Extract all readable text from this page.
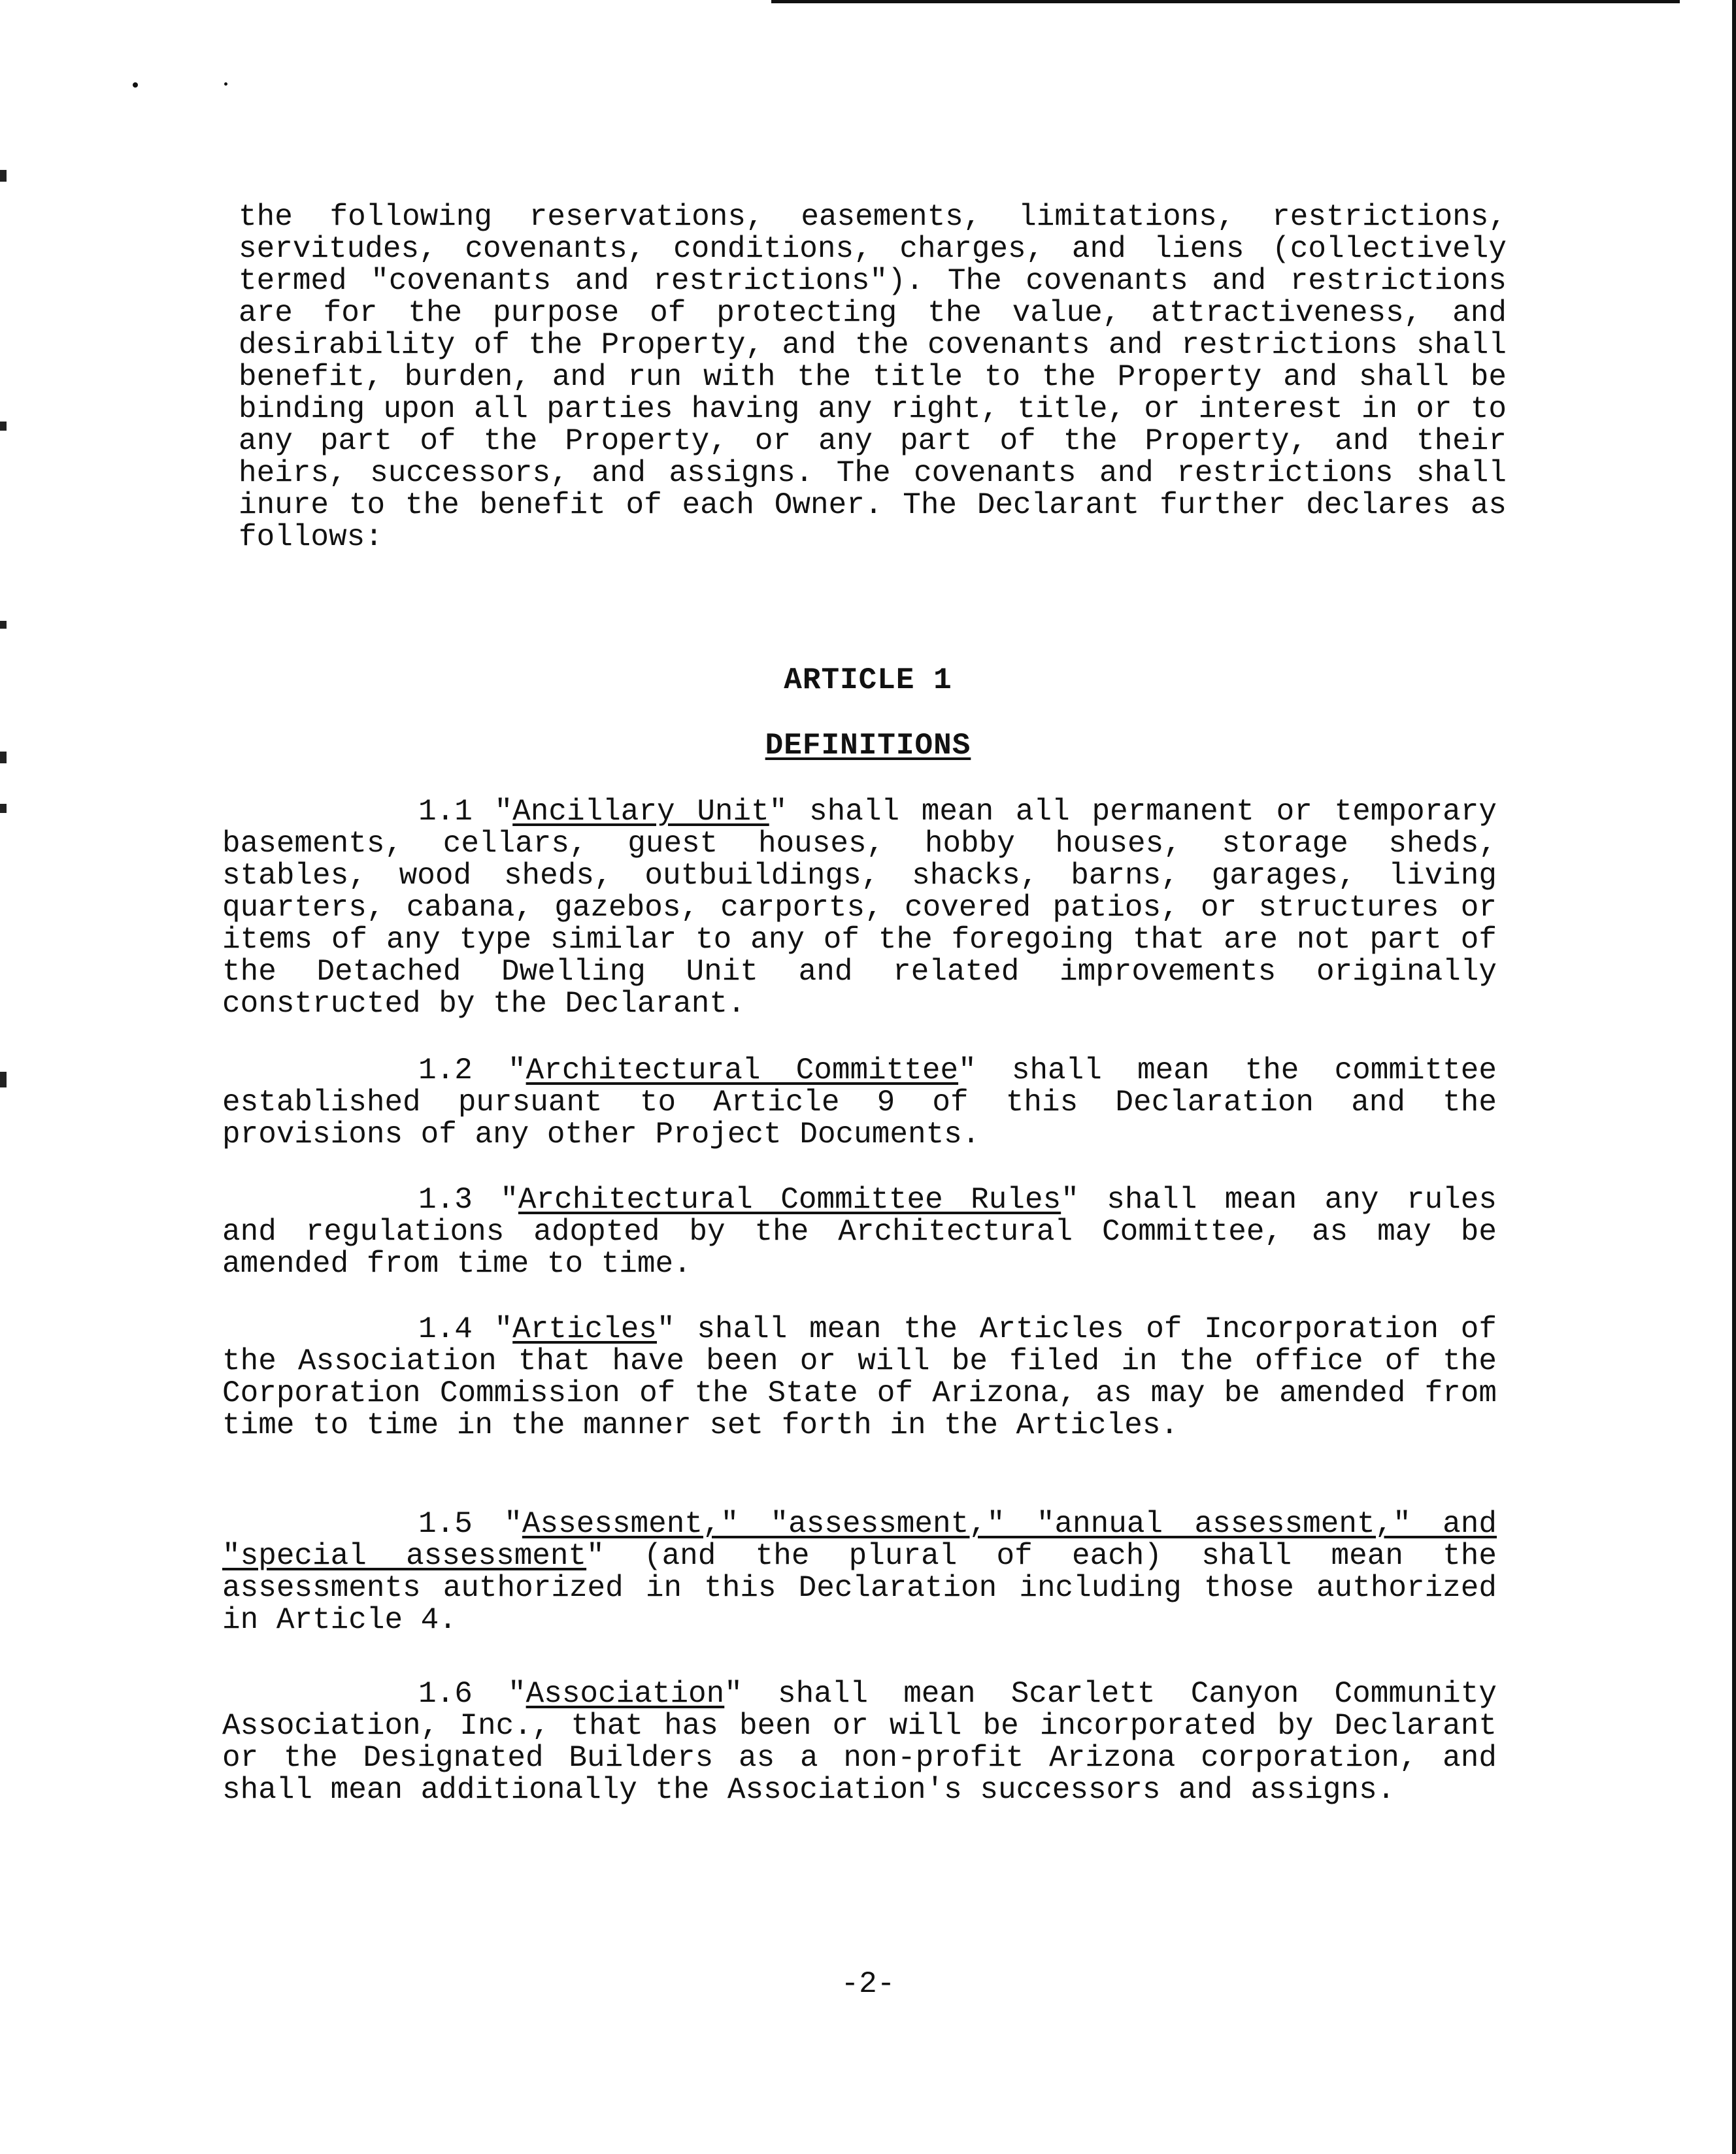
the following reservations, easements, limitations, restrictions, servitudes, covenants, conditions, charges, and liens (collectively termed "covenants and restrictions"). The covenants and restrictions are for the purpose of protecting the value, attractiveness, and desirability of the Property, and the covenants and restrictions shall benefit, burden, and run with the title to the Property and shall be binding upon all parties having any right, title, or interest in or to any part of the Property, or any part of the Property, and their heirs, successors, and assigns. The covenants and restrictions shall inure to the benefit of each Owner. The Declarant further declares as follows:
ARTICLE 1
DEFINITIONS
1.1 "Ancillary Unit" shall mean all permanent or temporary basements, cellars, guest houses, hobby houses, storage sheds, stables, wood sheds, outbuildings, shacks, barns, garages, living quarters, cabana, gazebos, carports, covered patios, or structures or items of any type similar to any of the foregoing that are not part of the Detached Dwelling Unit and related improvements originally constructed by the Declarant.
1.2 "Architectural Committee" shall mean the committee established pursuant to Article 9 of this Declaration and the provisions of any other Project Documents.
1.3 "Architectural Committee Rules" shall mean any rules and regulations adopted by the Architectural Committee, as may be amended from time to time.
1.4 "Articles" shall mean the Articles of Incorporation of the Association that have been or will be filed in the office of the Corporation Commission of the State of Arizona, as may be amended from time to time in the manner set forth in the Articles.
1.5 "Assessment," "assessment," "annual assessment," and "special assessment" (and the plural of each) shall mean the assessments authorized in this Declaration including those authorized in Article 4.
1.6 "Association" shall mean Scarlett Canyon Community Association, Inc., that has been or will be incorporated by Declarant or the Designated Builders as a non-profit Arizona corporation, and shall mean additionally the Association's successors and assigns.
-2-
